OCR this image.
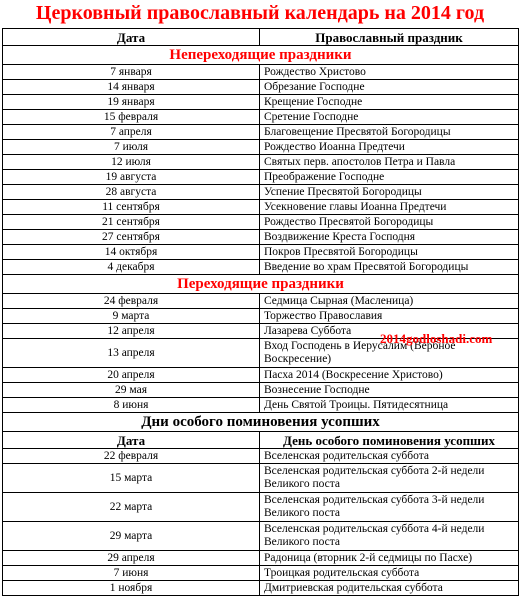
Церковный православный календарь на 2014 год
Дата	Православный праздник
Непереходящие праздники	
7 января	Рождество Христово
14 января	Обрезание Господне
19 января	Крещение Господне
15 февраля	Сретение Господне
7 апреля	Благовещение Пресвятой Богородицы
7 июля	Рождество Иоанна Предтечи
12 июля	Святых перв. апостолов Петра и Павла
19 августа	Преображение Господне
28 августа	Успение Пресвятой Богородицы
11 сентября	Усекновение главы Иоанна Предтечи
21 сентября	Рождество Пресвятой Богородицы
27 сентября	Воздвижение Креста Господня
14 октября	Покров Пресвятой Богородицы
4 декабря	Введение во храм Пресвятой Богородицы
Переходящие праздники	
24 февраля	Седмица Сырная (Масленица)
9 марта	Торжество Православия
12 апреля	Лазарева Суббота
13 апреля	Вход Господень в Иерусалим (Вербное Воскресение)
20 апреля	Пасха 2014 (Воскресение Христово)
29 мая	Вознесение Господне
8 июня	День Святой Троицы. Пятидесятница
Дни особого поминовения усопших	
Дата	День особого поминовения усопших
22 февраля	Вселенская родительская суббота
15 марта	Вселенская родительская суббота 2-й недели Великого поста
22 марта	Вселенская родительская суббота 3-й недели Великого поста
29 марта	Вселенская родительская суббота 4-й недели Великого поста
29 апреля	Радоница (вторник 2-й седмицы по Пасхе)
7 июня	Троицкая родительская суббота
1 ноября	Дмитриевская родительская суббота
2014godloshadi.com
